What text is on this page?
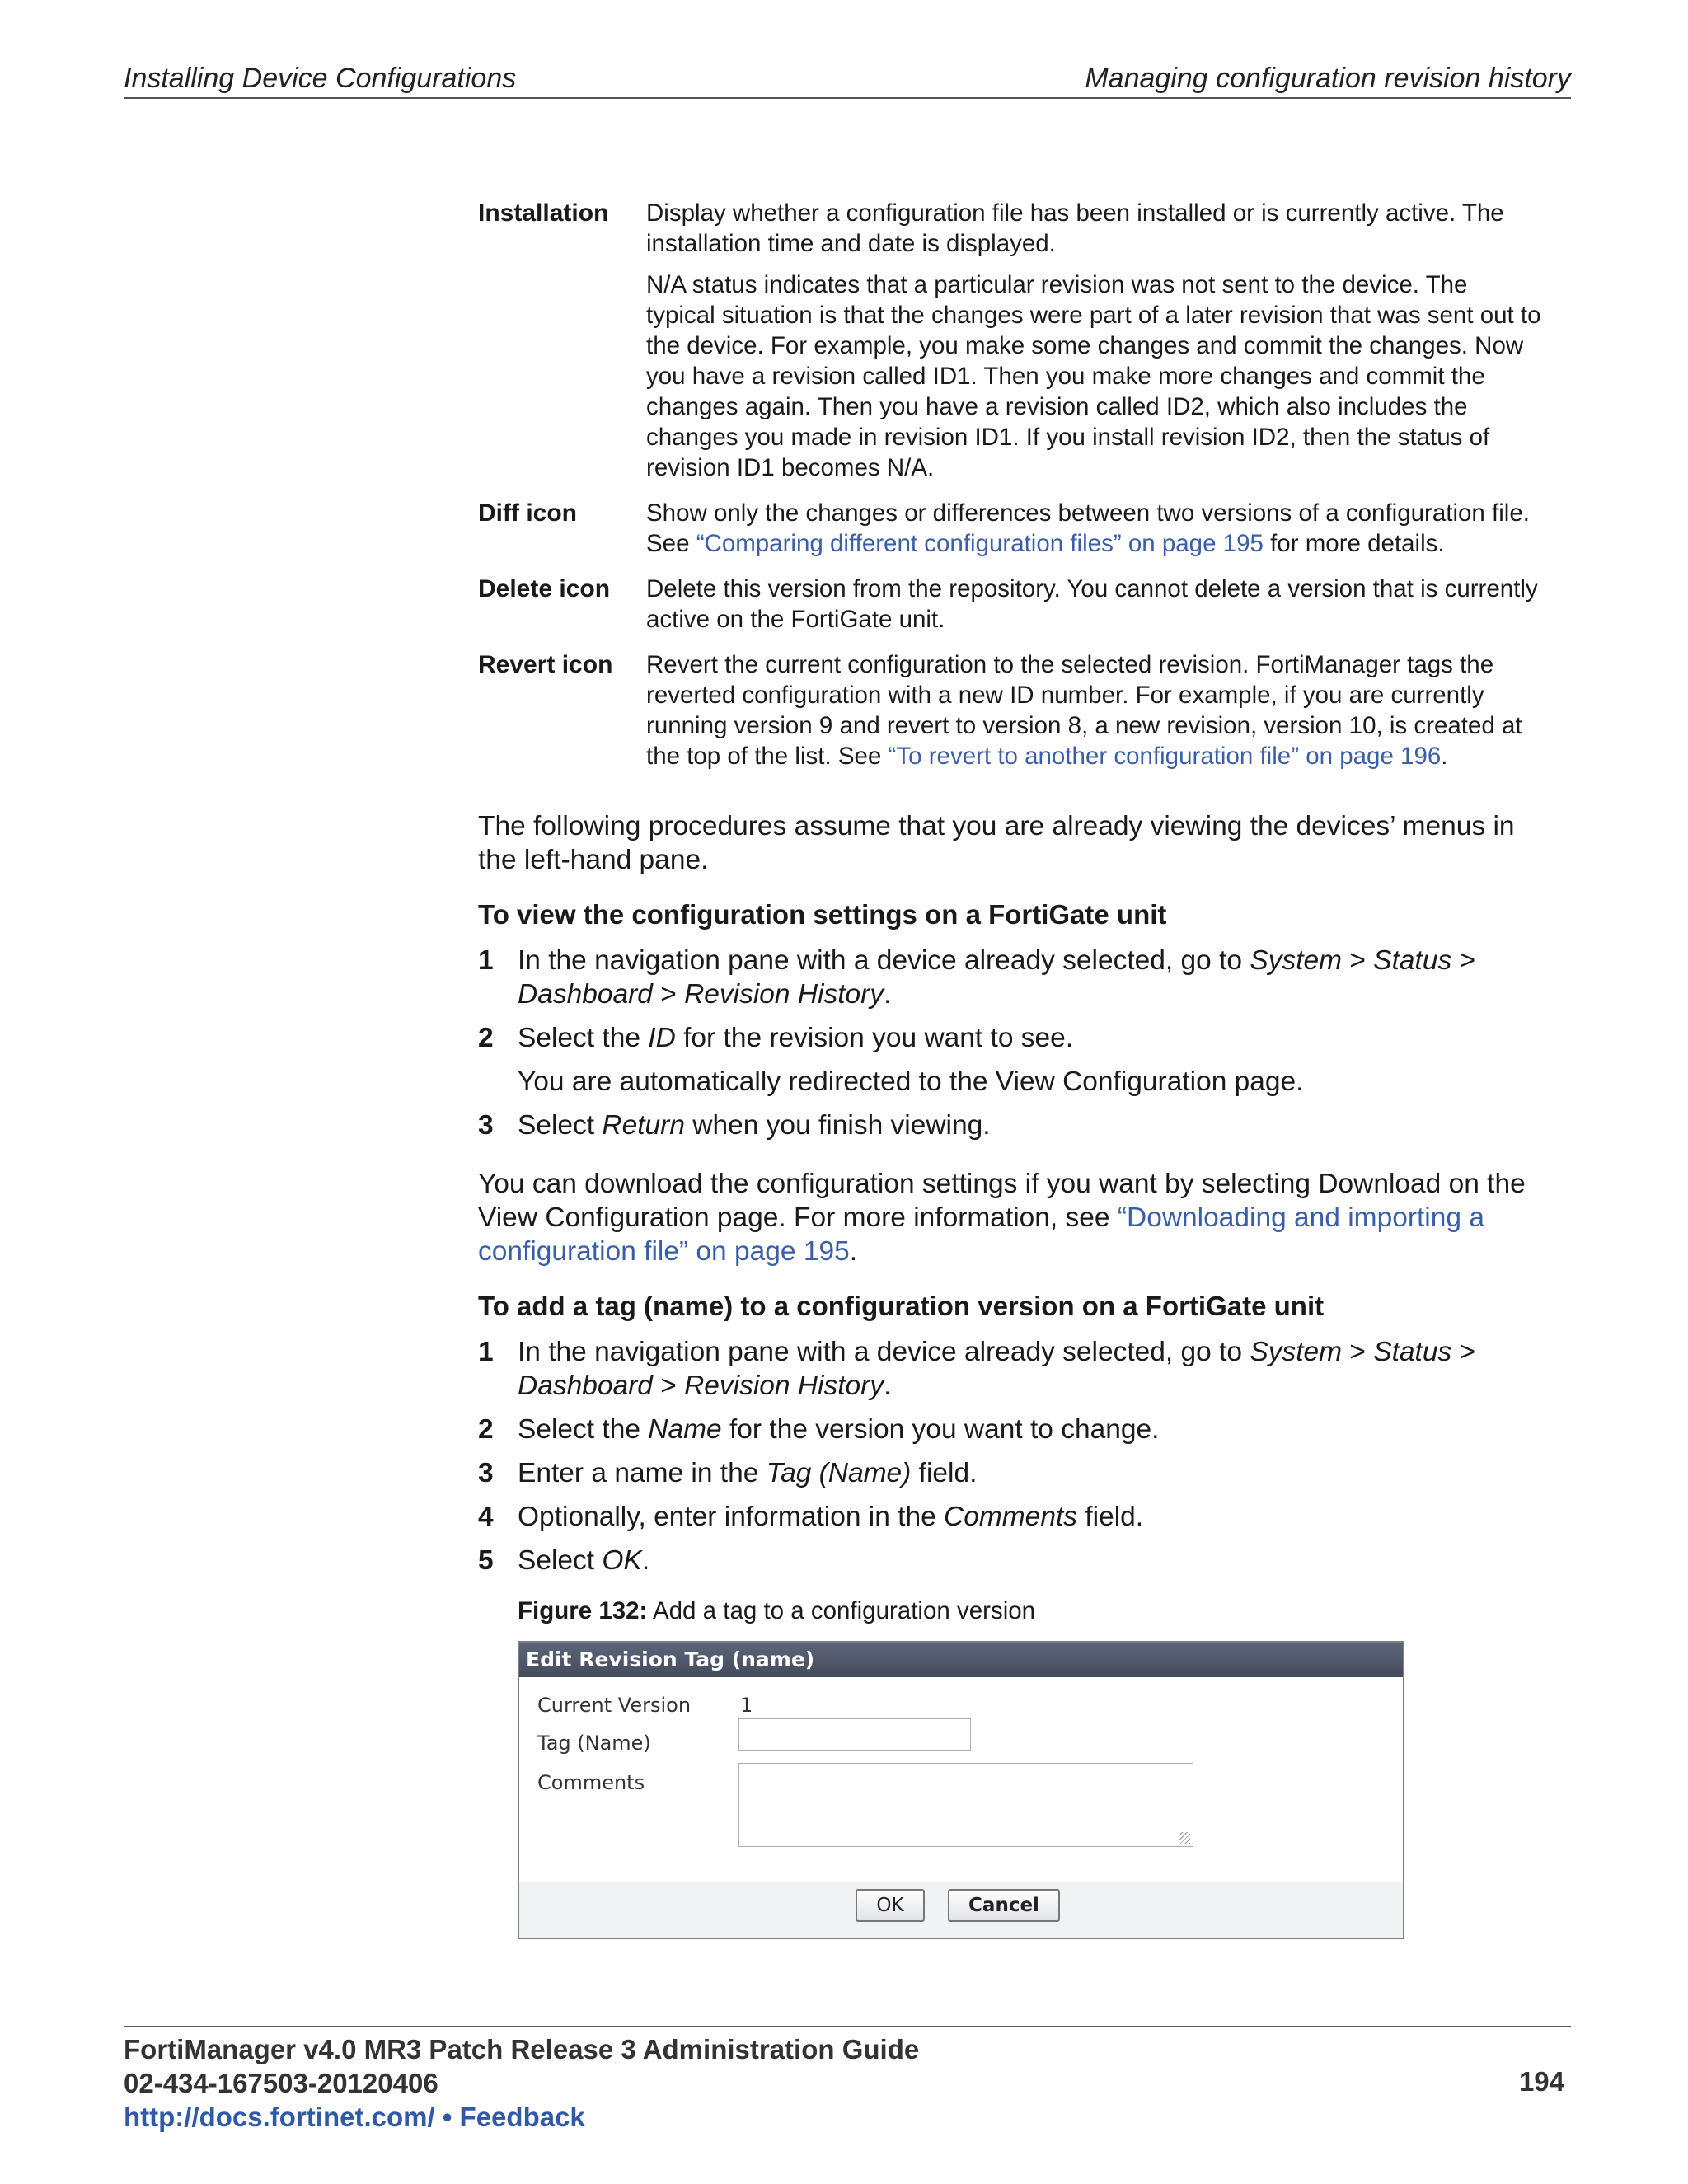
Installing Device Configurations	Managing configuration revision history
Installation	Display whether a configuration file has been installed or is currently active. The installation time and date is displayed.

N/A status indicates that a particular revision was not sent to the device. The typical situation is that the changes were part of a later revision that was sent out to the device. For example, you make some changes and commit the changes. Now you have a revision called ID1. Then you make more changes and commit the changes again. Then you have a revision called ID2, which also includes the changes you made in revision ID1. If you install revision ID2, then the status of revision ID1 becomes N/A.

Diff icon	Show only the changes or differences between two versions of a configuration file. See “Comparing different configuration files” on page 195 for more details.
Delete icon	Delete this version from the repository. You cannot delete a version that is currently active on the FortiGate unit.
Revert icon	Revert the current configuration to the selected revision. FortiManager tags the reverted configuration with a new ID number. For example, if you are currently running version 9 and revert to version 8, a new revision, version 10, is created at the top of the list. See “To revert to another configuration file” on page 196.

The following procedures assume that you are already viewing the devices’ menus in the left-hand pane.

To view the configuration settings on a FortiGate unit
1 In the navigation pane with a device already selected, go to System > Status > Dashboard > Revision History.
2 Select the ID for the revision you want to see.
You are automatically redirected to the View Configuration page.
3 Select Return when you finish viewing.

You can download the configuration settings if you want by selecting Download on the View Configuration page. For more information, see “Downloading and importing a configuration file” on page 195.

To add a tag (name) to a configuration version on a FortiGate unit
1 In the navigation pane with a device already selected, go to System > Status > Dashboard > Revision History.
2 Select the Name for the version you want to change.
3 Enter a name in the Tag (Name) field.
4 Optionally, enter information in the Comments field.
5 Select OK.
Figure 132: Add a tag to a configuration version
Edit Revision Tag (name)
Current Version 1
Tag (Name)
Comments
OK	Cancel
FortiManager v4.0 MR3 Patch Release 3 Administration Guide
02-434-167503-20120406
http://docs.fortinet.com/ • Feedback
194
